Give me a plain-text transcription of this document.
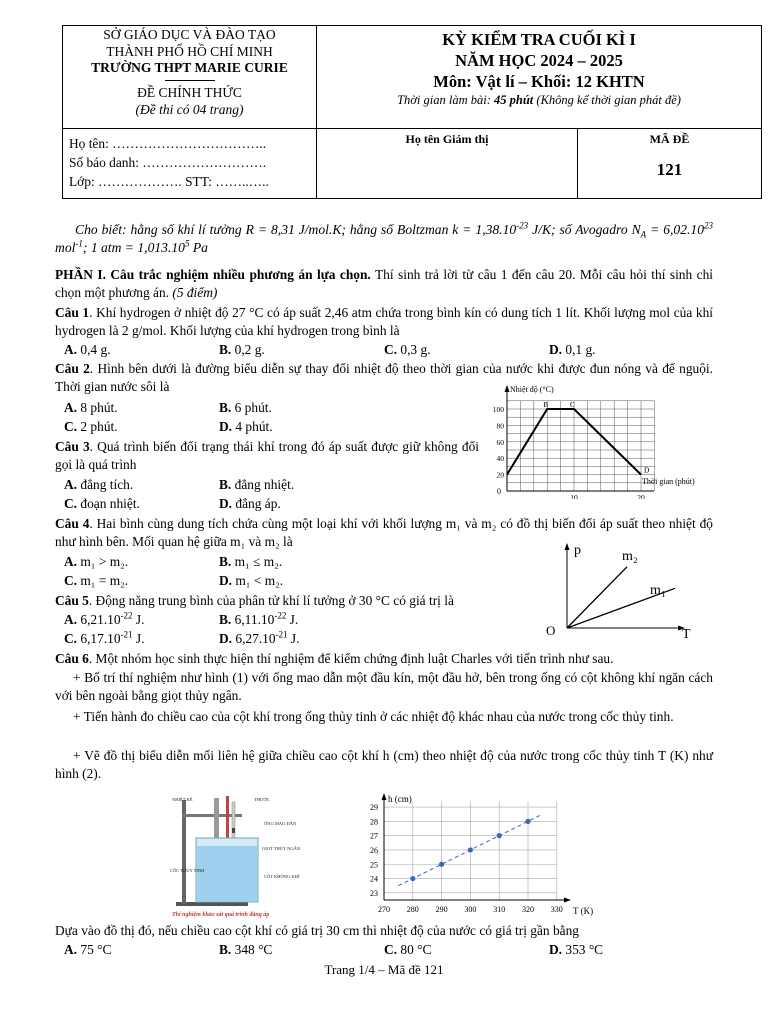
SỞ GIÁO DỤC VÀ ĐÀO TẠO
THÀNH PHỐ HỒ CHÍ MINH
TRƯỜNG THPT MARIE CURIE
ĐỀ CHÍNH THỨC
(Đề thi có 04 trang)
KỲ KIỂM TRA CUỐI KÌ I
NĂM HỌC 2024 – 2025
Môn: Vật lí – Khối: 12 KHTN
Thời gian làm bài: 45 phút (Không kể thời gian phát đề)
Họ tên: ……………………………..
Số báo danh: ……………………….
Lớp: ………………. STT: ……..…..
Họ tên Giám thị	MÃ ĐỀ
121
Cho biết: hằng số khí lí tưởng R = 8,31 J/mol.K; hằng số Boltzman $k = 1,38.10^{-23}$ J/K; số Avogadro $N_A = 6,02.10^{23}$ mol$^{-1}$; 1 atm = $1,013.10^5$ Pa
PHẦN I. Câu trắc nghiệm nhiều phương án lựa chọn. Thí sinh trả lời từ câu 1 đến câu 20. Mỗi câu hỏi thí sinh chỉ chọn một phương án. (5 điểm)
Câu 1. Khí hydrogen ở nhiệt độ 27 °C có áp suất 2,46 atm chứa trong bình kín có dung tích 1 lít. Khối lượng mol của khí hydrogen là 2 g/mol. Khối lượng của khí hydrogen trong bình là
A. 0,4 g.	B. 0,2 g.	C. 0,3 g.	D. 0,1 g.
Câu 2. Hình bên dưới là đường biểu diễn sự thay đổi nhiệt độ theo thời gian của nước khi được đun nóng và để nguội. Thời gian nước sôi là
A. 8 phút.	B. 6 phút.
C. 2 phút.	D. 4 phút.
20
40
60
80
100
10	20
B	C
D
Nhiệt độ (°C)
Thời gian (phút)
0
Câu 3. Quá trình biến đổi trạng thái khí trong đó áp suất được giữ không đổi gọi là quá trình
A. đẳng tích.	B. đẳng nhiệt.
C. đoạn nhiệt.	D. đẳng áp.
Câu 4. Hai bình cùng dung tích chứa cùng một loại khí với khối lượng m₁ và m₂ có đồ thị biến đổi áp suất theo nhiệt độ như hình bên. Mối quan hệ giữa m₁ và m₂ là
A. m₁ > m₂.	B. m₁ ≤ m₂.
C. m₁ = m₂.	D. m₁ < m₂.
p
T
O
m₂
m₁
Câu 5. Động năng trung bình của phân tử khí lí tưởng ở 30 °C có giá trị là
A. $6,21.10^{-22}$ J.	B. $6,11.10^{-22}$ J.
C. $6,17.10^{-21}$ J.	D. $6,27.10^{-21}$ J.
Câu 6. Một nhóm học sinh thực hiện thí nghiệm để kiểm chứng định luật Charles với tiến trình như sau.
+ Bố trí thí nghiệm như hình (1) với ống mao dẫn một đầu kín, một đầu hở, bên trong ống có cột không khí ngăn cách với bên ngoài bằng giọt thủy ngân.
+ Tiến hành đo chiều cao của cột khí trong ống thủy tinh ở các nhiệt độ khác nhau của nước trong cốc thủy tinh.
+ Vẽ đồ thị biểu diễn mối liên hệ giữa chiều cao cột khí h (cm) theo nhiệt độ của nước trong cốc thủy tinh T (K) như hình (2).
NHIỆT KẾ	THƯỚC
ỐNG MAO DẪN
GIỌT THỦY NGÂN
CỐC THỦY TINH
CỘT KHÔNG KHÍ
Thí nghiệm khảo sát quá trình đẳng áp
23
24
25
26
27
28
29
270 280 290 300 310 320 330
h (cm)
T (K)
Dựa vào đồ thị đó, nếu chiều cao cột khí có giá trị 30 cm thì nhiệt độ của nước có giá trị gần bằng
A. 75 °C	B. 348 °C	C. 80 °C	D. 353 °C
Trang 1/4 – Mã đề 121
